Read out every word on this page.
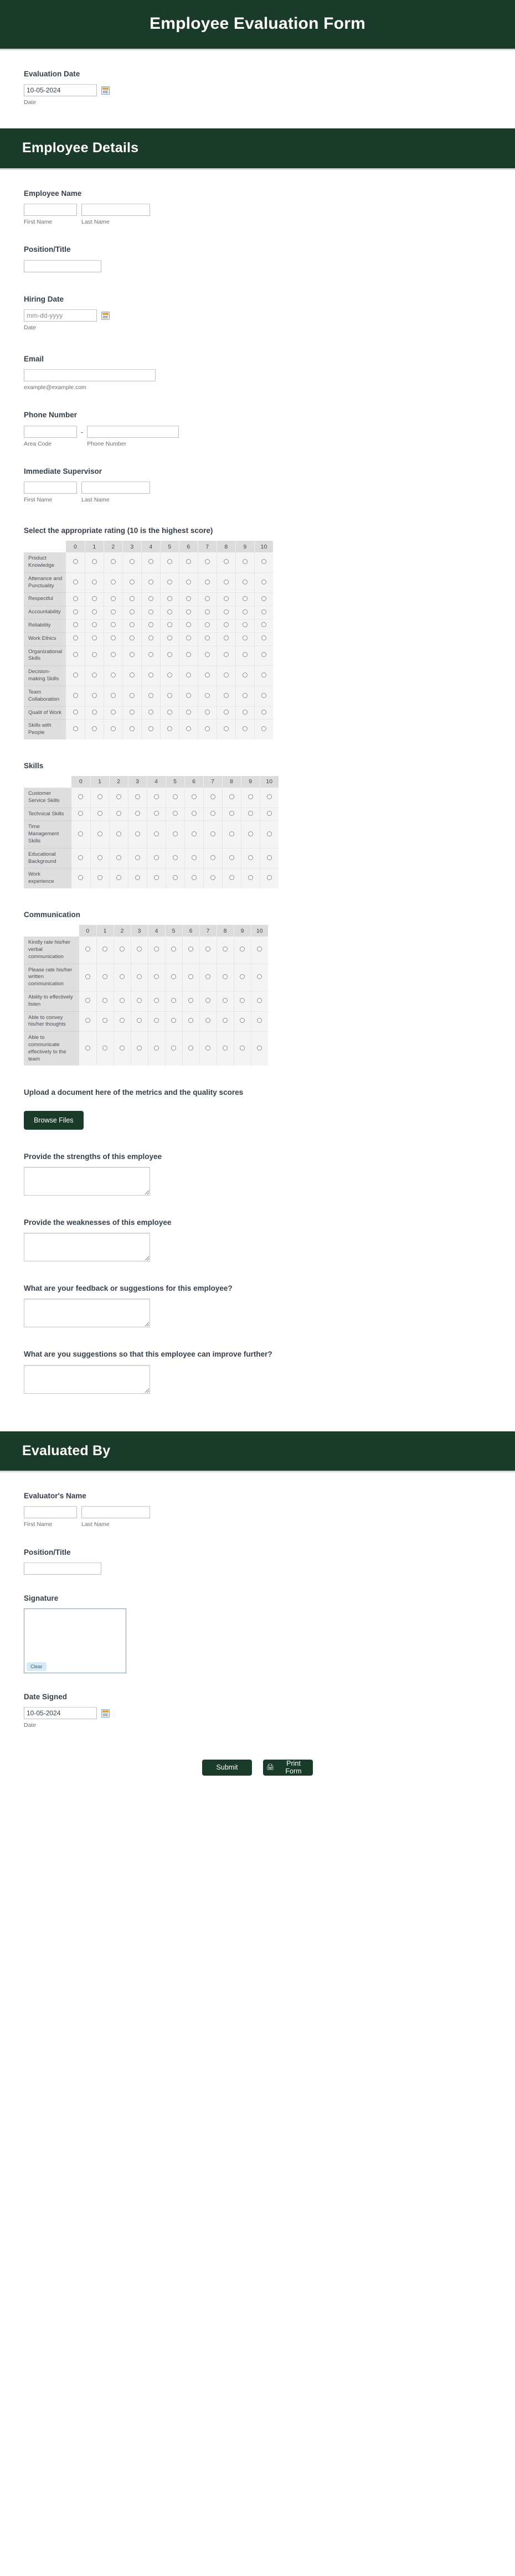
Employee Evaluation Form
Evaluation Date
10-05-2024
Date
Employee Details
Employee Name
First Name	Last Name
Position/Title
Hiring Date
mm-dd-yyyy
Date
Email
example@example.com
Phone Number
Area Code
-
Phone Number
Immediate Supervisor
First Name	Last Name
Select the appropriate rating (10 is the highest score)
	0	1	2	3	4	5	6	7	8	9	10
Product Knowledge											
Attenance and Punctuality											
Respectful											
Accountability											
Reliability											
Work Ethics											
Organizational Skills											
Decision-making Skills											
Team Collaboration											
Qualit of Work											
Skills with People											
Skills
	0	1	2	3	4	5	6	7	8	9	10
Customer Service Skills											
Technical Skills											
Time Management Skills											
Educational Background											
Work experience											
Communication
	0	1	2	3	4	5	6	7	8	9	10
Kindly rate his/her verbal communication											
Please rate his/her written communication											
Ability to effectively listen											
Able to convey his/her thoughts											
Able to communicate effectively to the team											
Upload a document here of the metrics and the quality scores
Browse Files
Provide the strengths of this employee
Provide the weaknesses of this employee
What are your feedback or suggestions for this employee?
What are you suggestions so that this employee can improve further?
Evaluated By
Evaluator's Name
First Name	Last Name
Position/Title
Signature
Clear
Date Signed
10-05-2024
Date
Submit	🖨	Print Form
